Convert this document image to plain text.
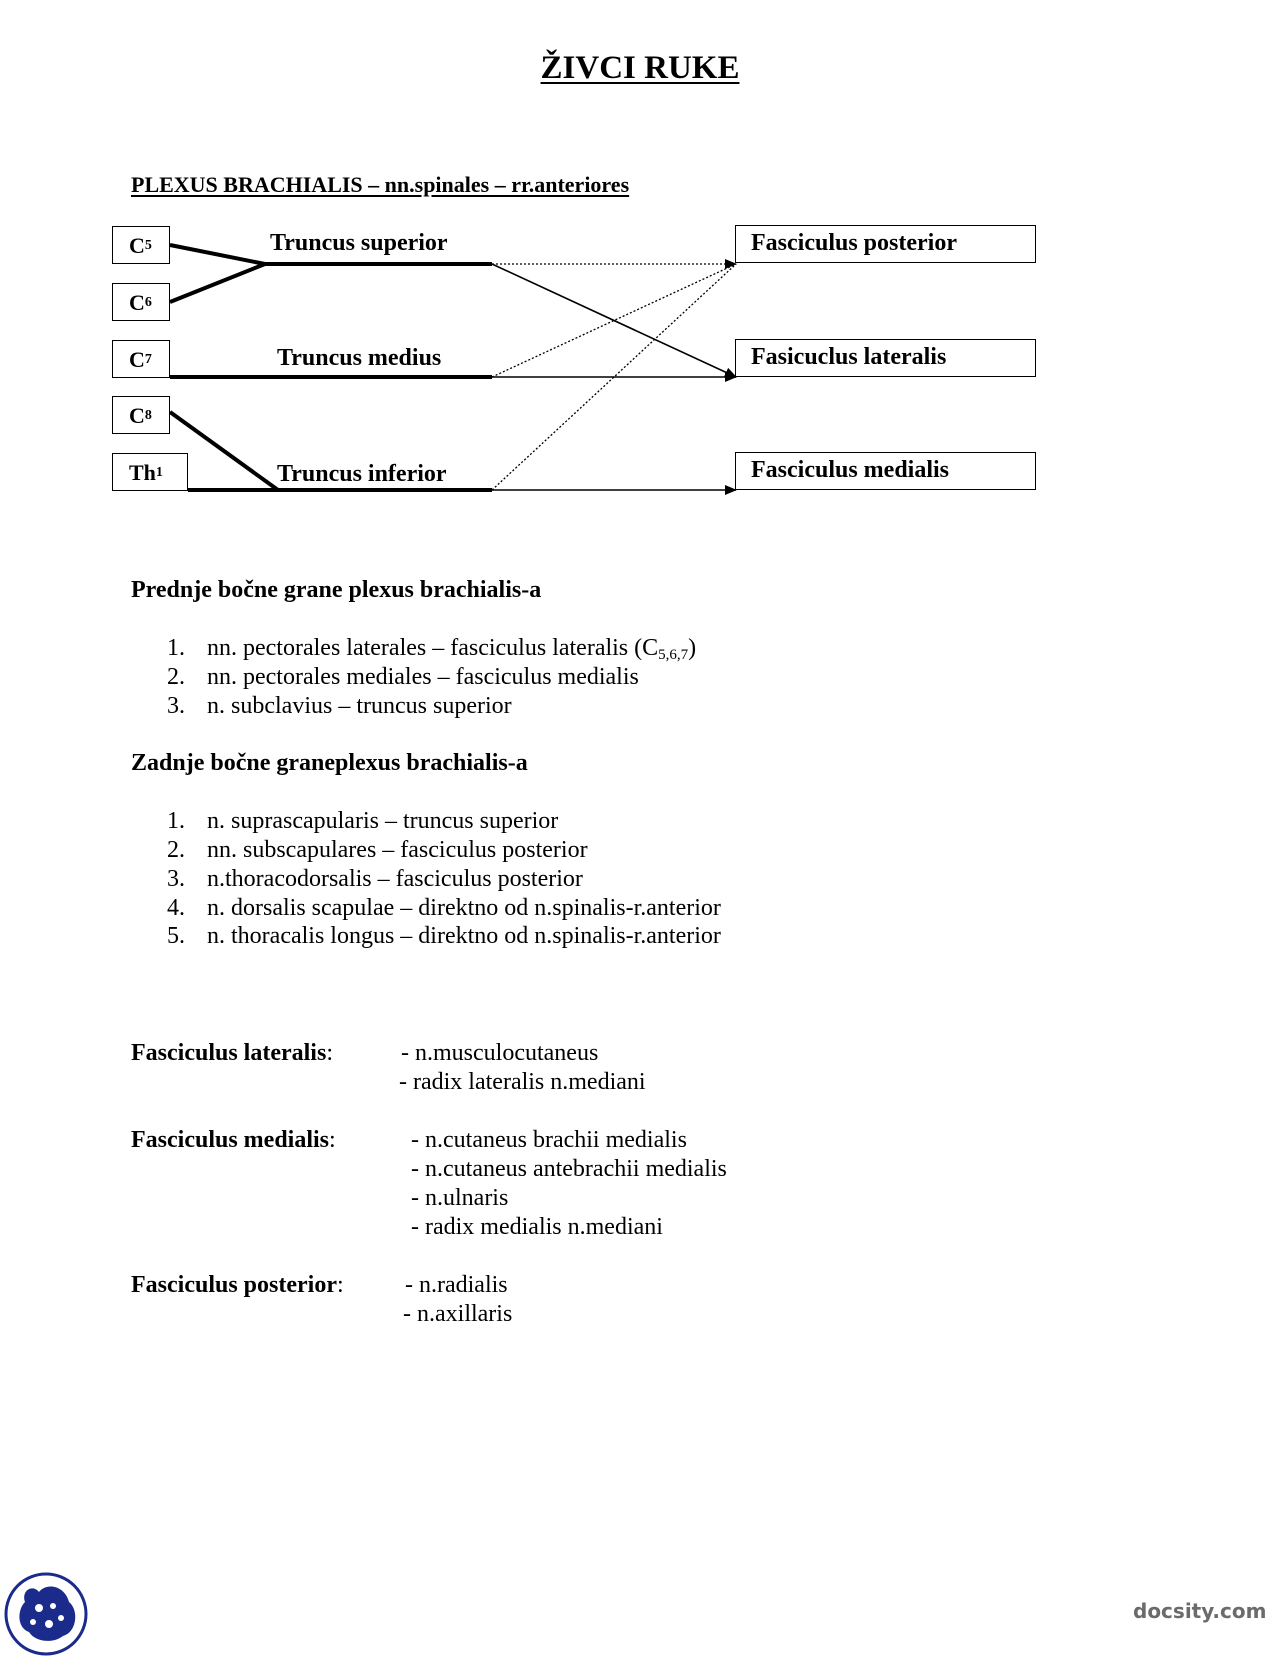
ŽIVCI RUKE
PLEXUS BRACHIALIS – nn.spinales – rr.anteriores
C 5
C 6
C 7
C 8
Th 1
Truncus superior
Truncus medius
Truncus inferior
Fasciculus posterior
Fasicuclus lateralis
Fasciculus medialis
Prednje bočne grane plexus brachialis-a
1. nn. pectorales laterales – fasciculus lateralis $(C_{5,6,7})$
2. nn. pectorales mediales – fasciculus medialis
3. n. subclavius – truncus superior
Zadnje bočne graneplexus brachialis-a
1. n. suprascapularis – truncus superior
2. nn. subscapulares – fasciculus posterior
3. n.thoracodorsalis – fasciculus posterior
4. n. dorsalis scapulae – direktno od n.spinalis-r.anterior
5. n. thoracalis longus – direktno od n.spinalis-r.anterior
Fasciculus lateralis:	- n.musculocutaneus
- radix lateralis n.mediani
Fasciculus medialis:	- n.cutaneus brachii medialis
- n.cutaneus antebrachii medialis
- n.ulnaris
- radix medialis n.mediani
Fasciculus posterior:	- n.radialis
- n.axillaris
docsity.com
